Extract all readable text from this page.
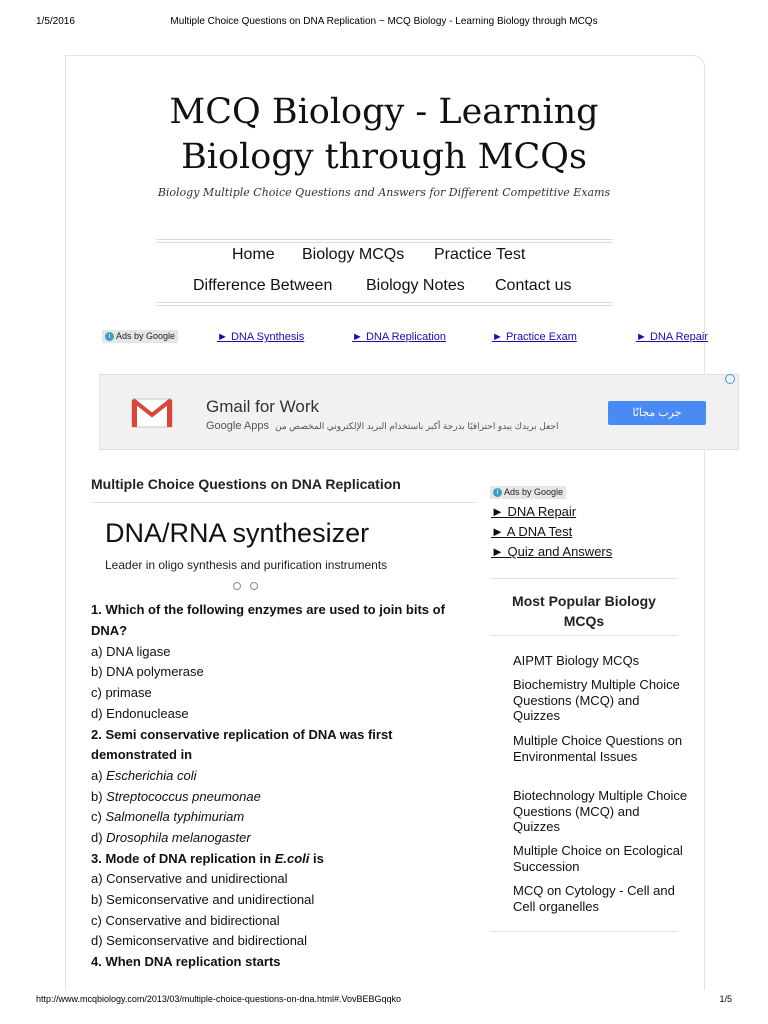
1/5/2016	Multiple Choice Questions on DNA Replication ~ MCQ Biology - Learning Biology through MCQs
MCQ Biology - Learning
Biology through MCQs
Biology Multiple Choice Questions and Answers for Different Competitive Exams
Home Biology MCQs Practice Test
Difference Between Biology Notes Contact us
i Ads by Google	► DNA Synthesis	► DNA Replication	► Practice Exam	► DNA Repair
Gmail for Work
Google Apps اجعل بريدك يبدو احترافيًا بدرجة أكبر باستخدام البريد الإلكتروني المخصص من
جرب مجانًا
Multiple Choice Questions on DNA Replication
DNA/RNA synthesizer
Leader in oligo synthesis and purification instruments
1. Which of the following enzymes are used to join bits of
DNA?
a) DNA ligase
b) DNA polymerase
c) primase
d) Endonuclease
2. Semi conservative replication of DNA was first
demonstrated in
a) Escherichia coli
b) Streptococcus pneumonae
c) Salmonella typhimuriam
d) Drosophila melanogaster
3. Mode of DNA replication in E.coli is
a) Conservative and unidirectional
b) Semiconservative and unidirectional
c) Conservative and bidirectional
d) Semiconservative and bidirectional
4. When DNA replication starts
i Ads by Google
► DNA Repair
► A DNA Test
► Quiz and Answers
Most Popular Biology
MCQs
AIPMT Biology MCQs
Biochemistry Multiple Choice Questions (MCQ) and Quizzes
Multiple Choice Questions on Environmental Issues
Biotechnology Multiple Choice Questions (MCQ) and Quizzes
Multiple Choice on Ecological Succession
MCQ on Cytology - Cell and Cell organelles
http://www.mcqbiology.com/2013/03/multiple-choice-questions-on-dna.html#.VovBEBGqqko	1/5
